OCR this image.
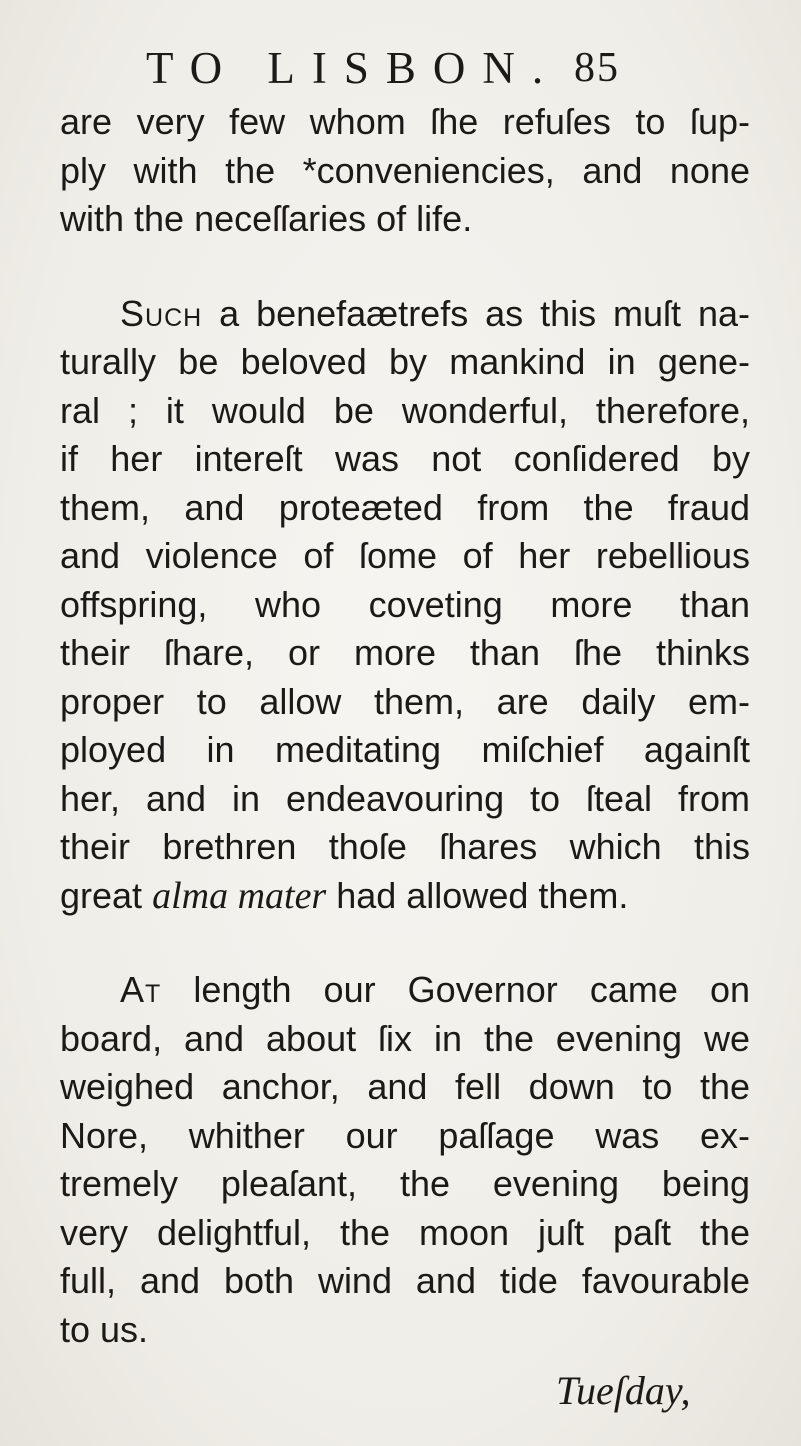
TO LISBON. 85
are very few whom ſhe refuſes to ſup-
ply with the *conveniencies, and none
with the neceſſaries of life.
Such a benefaætrefs as this muſt na-
turally be beloved by mankind in gene-
ral ; it would be wonderful, therefore,
if her intereſt was not conſidered by
them, and proteæted from the fraud
and violence of ſome of her rebellious
offspring, who coveting more than
their ſhare, or more than ſhe thinks
proper to allow them, are daily em-
ployed in meditating miſchief againſt
her, and in endeavouring to ſteal from
their brethren thoſe ſhares which this
great alma mater had allowed them.
At length our Governor came on
board, and about ſix in the evening we
weighed anchor, and fell down to the
Nore, whither our paſſage was ex-
tremely pleaſant, the evening being
very delightful, the moon juſt paſt the
full, and both wind and tide favourable
to us.
Tueſday,
